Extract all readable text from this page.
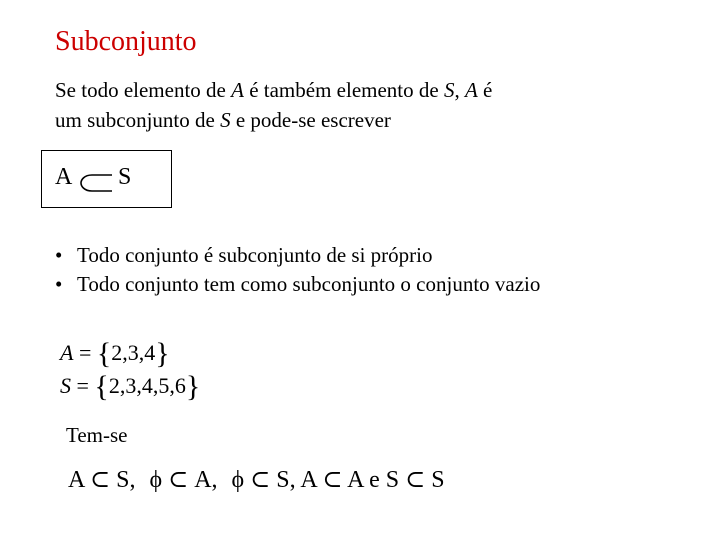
Subconjunto
Se todo elemento de A é também elemento de S, A é
um subconjunto de S e pode-se escrever
A S
• Todo conjunto é subconjunto de si próprio
• Todo conjunto tem como subconjunto o conjunto vazio
A = {2,3,4}
S = {2,3,4,5,6}
Tem-se
A ⊂ S, ϕ ⊂ A, ϕ ⊂ S, A ⊂ A e S ⊂ S
